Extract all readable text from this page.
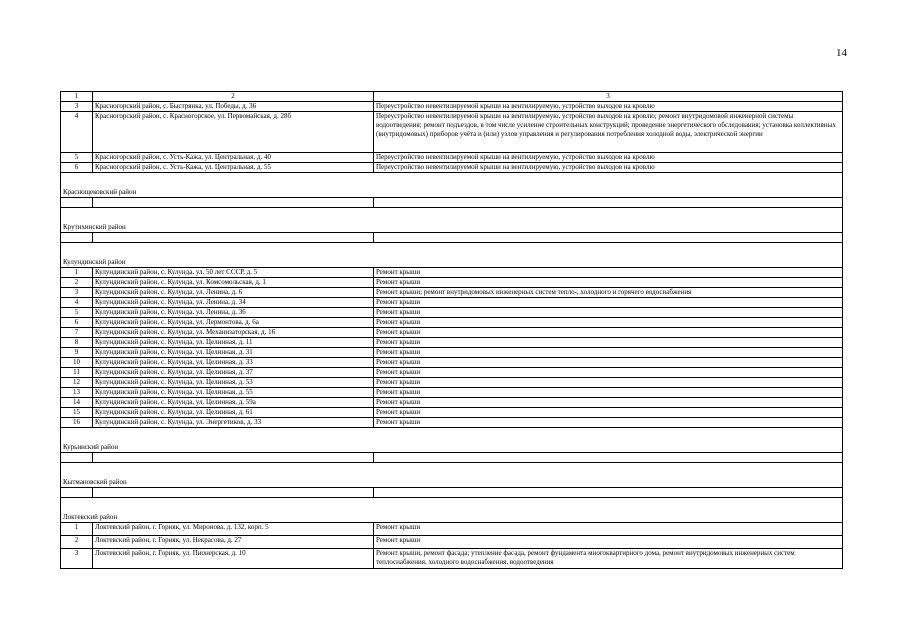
14
1	2	3
3	Красногорский район, с. Быстрянка, ул. Победы, д. 36	Переустройство невентилируемой крыши на вентилируемую, устройство выходов на кровлю
4	Красногорский район, с. Красногорское, ул. Первомайская, д. 28б	Переустройство невентилируемой крыши на вентилируемую, устройство выходов на кровлю; ремонт внутридомовой инженерной системы водоотведения; ремонт подъездов, в том числе усиление строительных конструкций; проведение энергетического обследования; установка коллективных (внутридомовых) приборов учёта и (или) узлов управления и регулирования потребления холодной воды, электрической энергии
5	Красногорский район, с. Усть-Кажа, ул. Центральная, д. 40	Переустройство невентилируемой крыши на вентилируемую, устройство выходов на кровлю
6	Красногорский район, с. Усть-Кажа, ул. Центральная, д. 55	Переустройство невентилируемой крыши на вентилируемую, устройство выходов на кровлю
Краснощековский район		

Крутихинский район		

Кулундинский район		
1	Кулундинский район, с. Кулунда, ул. 50 лет СССР, д. 5	Ремонт крыши
2	Кулундинский район, с. Кулунда, ул. Комсомольская, д. 1	Ремонт крыши
3	Кулундинский район, с. Кулунда, ул. Ленина, д. 6	Ремонт крыши; ремонт внутридомовых инженерных систем тепло-, холодного и горячего водоснабжения
4	Кулундинский район, с. Кулунда, ул. Ленина, д. 34	Ремонт крыши
5	Кулундинский район, с. Кулунда, ул. Ленина, д. 36	Ремонт крыши
6	Кулундинский район, с. Кулунда, ул. Лермонтова, д. 6а	Ремонт крыши
7	Кулундинский район, с. Кулунда, ул. Механизаторская, д. 16	Ремонт крыши
8	Кулундинский район, с. Кулунда, ул. Целинная, д. 11	Ремонт крыши
9	Кулундинский район, с. Кулунда, ул. Целинная, д. 31	Ремонт крыши
10	Кулундинский район, с. Кулунда, ул. Целинная, д. 33	Ремонт крыши
11	Кулундинский район, с. Кулунда, ул. Целинная, д. 37	Ремонт крыши
12	Кулундинский район, с. Кулунда, ул. Целинная, д. 53	Ремонт крыши
13	Кулундинский район, с. Кулунда, ул. Целинная, д. 55	Ремонт крыши
14	Кулундинский район, с. Кулунда, ул. Целинная, д. 59а	Ремонт крыши
15	Кулундинский район, с. Кулунда, ул. Целинная, д. 61	Ремонт крыши
16	Кулундинский район, с. Кулунда, ул. Энергетиков, д. 33	Ремонт крыши
Курьинский район		

Кытмановский район		

Локтевский район		
1	Локтевский район, г. Горняк, ул. Миронова, д. 132, корп. 5	Ремонт крыши
2	Локтевский район, г. Горняк, ул. Некрасова, д. 27	Ремонт крыши
3	Локтевский район, г. Горняк, ул. Пионерская, д. 10	Ремонт крыши, ремонт фасада; утепление фасада, ремонт фундамента многоквартирного дома, ремонт внутридомовых инженерных систем теплоснабжения, холодного водоснабжения, водоотведения
